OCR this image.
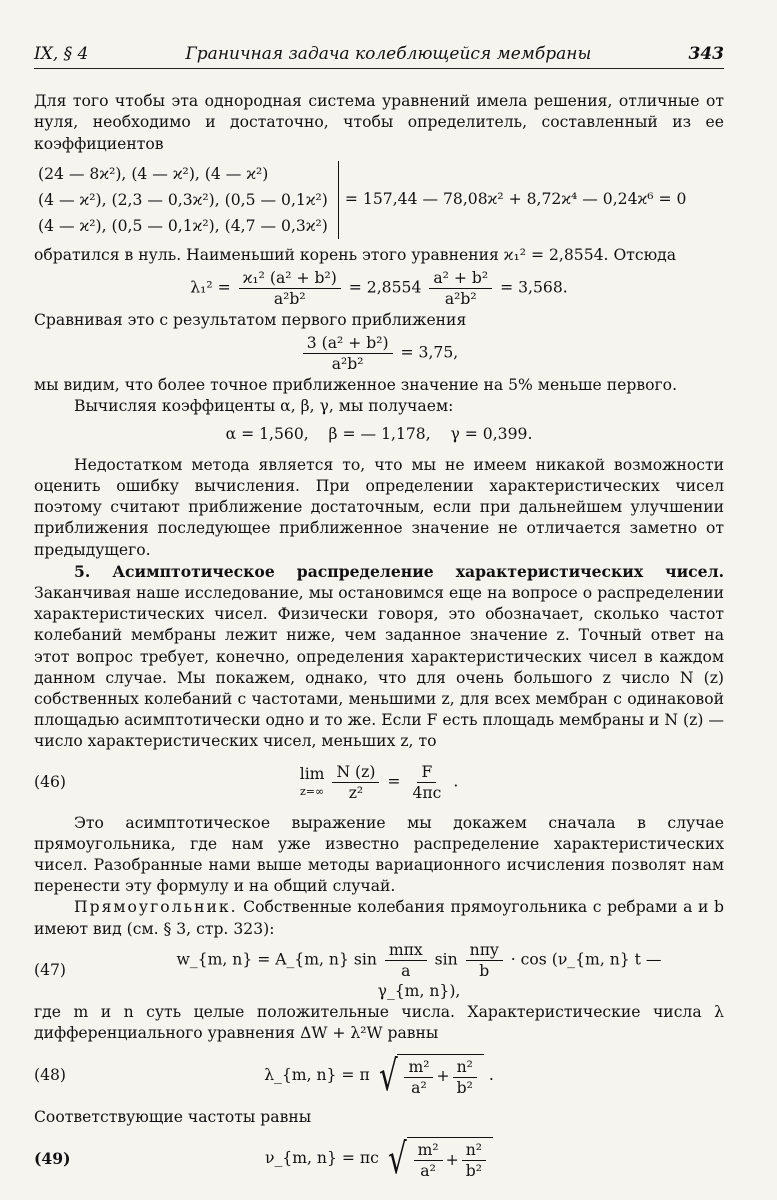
IX, § 4	Граничная задача колеблющейся мембраны	343

Для того чтобы эта однородная система уравнений имела решения, отличные от нуля, необходимо и достаточно, чтобы определитель, составленный из ее коэффициентов

(24 — 8ϰ²), (4 — ϰ²), (4 — ϰ²)
(4 — ϰ²), (2,3 — 0,3ϰ²), (0,5 — 0,1ϰ²)
(4 — ϰ²), (0,5 — 0,1ϰ²), (4,7 — 0,3ϰ²)
= 157,44 — 78,08ϰ² + 8,72ϰ⁴ — 0,24ϰ⁶ = 0

обратился в нуль. Наименьший корень этого уравнения ϰ₁² = 2,8554. Отсюда

$\lambda_1^2 = \frac{\text{ϰ₁² (a² + b²)}}{\text{a²b²}} = 2,8554 \frac{\text{a² + b²}}{\text{a²b²}} = 3,568$.

Сравнивая это с результатом первого приближения

$\frac{\text{3 (a² + b²)}}{\text{a²b²}} = 3,75$,

мы видим, что более точное приближенное значение на 5% меньше первого.

Вычисляя коэффиценты α, β, γ, мы получаем:

α = 1,560,    β = — 1,178,    γ = 0,399.

Недостатком метода является то, что мы не имеем никакой возможности оценить ошибку вычисления. При определении характеристических чисел поэтому считают приближение достаточным, если при дальнейшем улучшении приближения последующее приближенное значение не отличается заметно от предыдущего.

5. Асимптотическое распределение характеристических чисел. Заканчивая наше исследование, мы остановимся еще на вопросе о распределении характеристических чисел. Физически говоря, это обозначает, сколько частот колебаний мембраны лежит ниже, чем заданное значение z. Точный ответ на этот вопрос требует, конечно, определения характеристических чисел в каждом данном случае. Мы покажем, однако, что для очень большого z число N (z) собственных колебаний с частотами, меньшими z, для всех мембран с одинаковой площадью асимптотически одно и то же. Если F есть площадь мембраны и N (z) — число характеристических чисел, меньших z, то

(46)	lim
z=∞
$\frac{N (z)}{\text{z²}} = \frac{F}{4\pi c}$ .

Это асимптотическое выражение мы докажем сначала в случае прямоугольника, где нам уже известно распределение характеристических чисел. Разобранные нами выше методы вариационного исчисления позволят нам перенести эту формулу и на общий случай.

Прямоугольник. Собственные колебания прямоугольника с ребрами a и b имеют вид (см. § 3, стр. 323):

(47)
w_{m, n} = A_{m, n} $\sin \frac{\text{mπx}}{a}$ $\sin \frac{\text{nπy}}{b} \cdot \cos$ (ν_{m, n} t — γ_{m, n}),

где m и n суть целые положительные числа. Характеристические числа λ дифференциального уравнения ΔW + λ²W равны

(48)	λ_{m, n} = π √ $\frac{\text{m²}}{\text{a²}} + \frac{\text{n²}}{\text{b²}}$ .

Соответствующие частоты равны

(49)	ν_{m, n} = πc √ $\frac{\text{m²}}{\text{a²}} + \frac{\text{n²}}{\text{b²}}$
